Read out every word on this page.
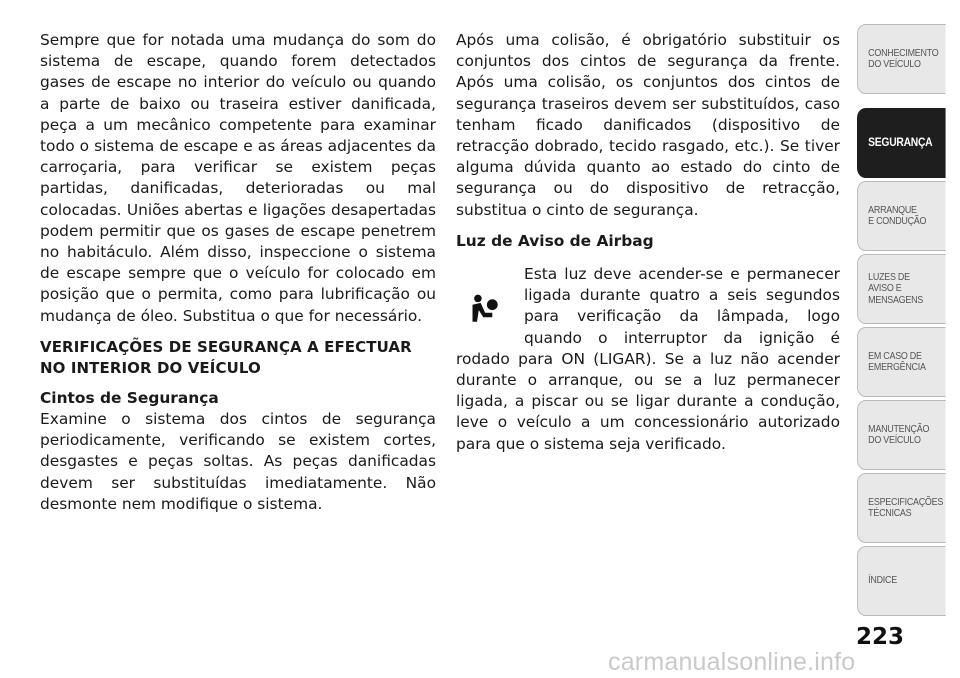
Sempre que for notada uma mudança do som do sistema de escape, quando forem detectados gases de escape no interior do veículo ou quando a parte de baixo ou traseira estiver danificada, peça a um mecânico competente para examinar todo o sistema de escape e as áreas adjacentes da carroçaria, para verificar se existem peças partidas, danificadas, deterioradas ou mal colocadas. Uniões abertas e ligações desapertadas podem permitir que os gases de escape penetrem no habitáculo. Além disso, inspeccione o sistema de escape sempre que o veículo for colocado em posição que o permita, como para lubrificação ou mudança de óleo. Substitua o que for necessário.

VERIFICAÇÕES DE SEGURANÇA A EFECTUAR NO INTERIOR DO VEÍCULO
Cintos de Segurança

Examine o sistema dos cintos de segurança periodicamente, verificando se existem cortes, desgastes e peças soltas. As peças danificadas devem ser substituídas imediatamente. Não desmonte nem modifique o sistema.

Após uma colisão, é obrigatório substituir os conjuntos dos cintos de segurança da frente. Após uma colisão, os conjuntos dos cintos de segurança traseiros devem ser substituídos, caso tenham ficado danificados (dispositivo de retracção dobrado, tecido rasgado, etc.). Se tiver alguma dúvida quanto ao estado do cinto de segurança ou do dispositivo de retracção, substitua o cinto de segurança.

Luz de Aviso de Airbag

Esta luz deve acender-se e permanecer ligada durante quatro a seis segundos para verificação da lâmpada, logo quando o interruptor da ignição é rodado para ON (LIGAR). Se a luz não acender durante o arranque, ou se a luz permanecer ligada, a piscar ou se ligar durante a condução, leve o veículo a um concessionário autorizado para que o sistema seja verificado.

CONHECIMENTO
DO VEÍCULO
SEGURANÇA
ARRANQUE
E CONDUÇÃO
LUZES DE
AVISO E
MENSAGENS
EM CASO DE
EMERGÊNCIA
MANUTENÇÃO
DO VEÍCULO
ESPECIFICAÇÕES
TÉCNICAS
ÍNDICE
223
carmanualsonline.info
